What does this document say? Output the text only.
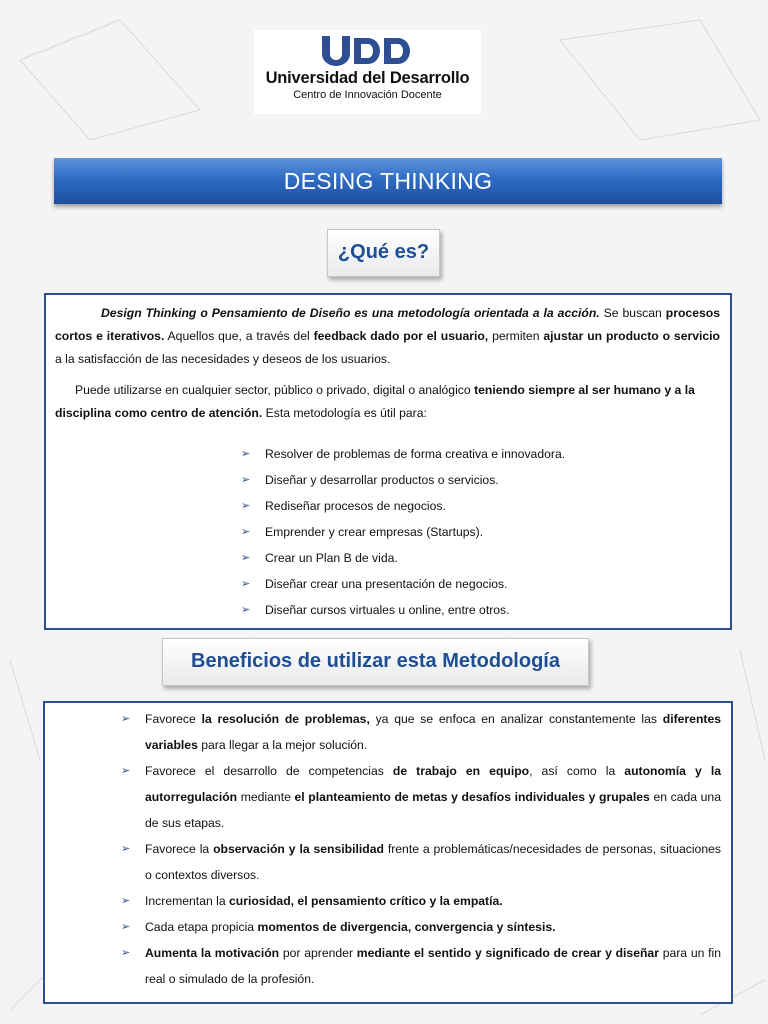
Universidad del Desarrollo
Centro de Innovación Docente
DESING THINKING
¿Qué es?

Design Thinking o Pensamiento de Diseño es una metodología orientada a la acción. Se buscan procesos cortos e iterativos. Aquellos que, a través del feedback dado por el usuario, permiten ajustar un producto o servicio a la satisfacción de las necesidades y deseos de los usuarios.

Puede utilizarse en cualquier sector, público o privado, digital o analógico teniendo siempre al ser humano y a la disciplina como centro de atención. Esta metodología es útil para:

➢	Resolver de problemas de forma creativa e innovadora.
➢	Diseñar y desarrollar productos o servicios.
➢	Rediseñar procesos de negocios.
➢	Emprender y crear empresas (Startups).
➢	Crear un Plan B de vida.
➢	Diseñar crear una presentación de negocios.
➢	Diseñar cursos virtuales u online, entre otros.
Beneficios de utilizar esta Metodología
➢	Favorece la resolución de problemas, ya que se enfoca en analizar constantemente las diferentes variables para llegar a la mejor solución.
➢	Favorece el desarrollo de competencias de trabajo en equipo, así como la autonomía y la autorregulación mediante el planteamiento de metas y desafíos individuales y grupales en cada una de sus etapas.
➢	Favorece la observación y la sensibilidad frente a problemáticas/necesidades de personas, situaciones o contextos diversos.
➢	Incrementan la curiosidad, el pensamiento crítico y la empatía.
➢	Cada etapa propicia momentos de divergencia, convergencia y síntesis.
➢	Aumenta la motivación por aprender mediante el sentido y significado de crear y diseñar para un fin real o simulado de la profesión.
